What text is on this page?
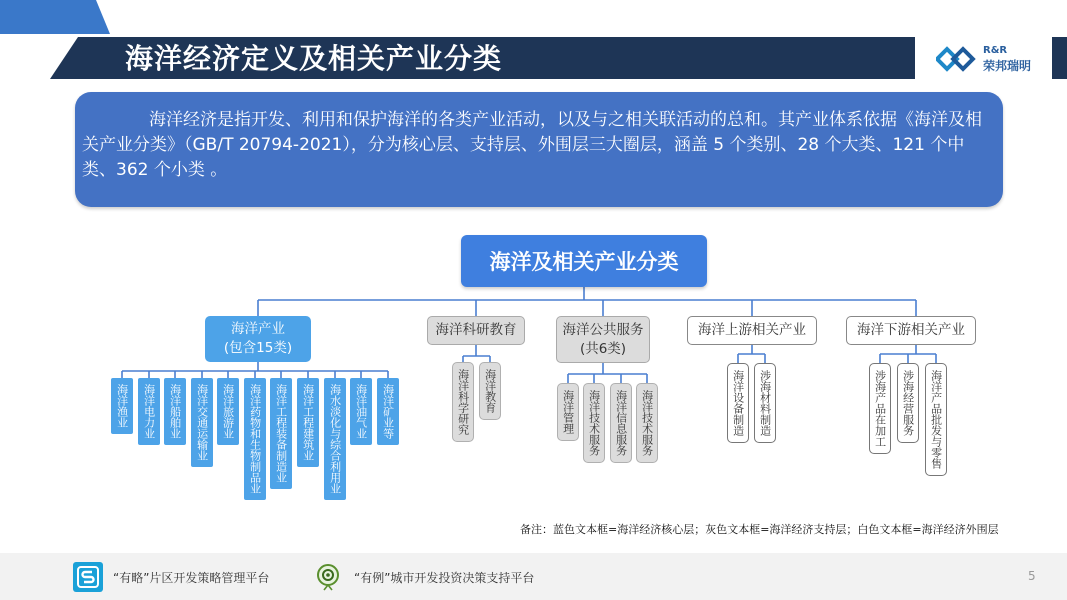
海洋经济定义及相关产业分类	R&R
荣邦瑞明
海洋经济是指开发、利用和保护海洋的各类产业活动，以及与之相关联活动的总和。其产业体系依据《海洋及相关产业分类》（GB/T 20794-2021），分为核心层、支持层、外围层三大圈层，涵盖 5 个类别、28 个大类、121 个中类、362 个小类 。
海洋及相关产业分类
海洋产业
(包含15类)
海洋科研教育	海洋公共服务
(共6类)
海洋上游相关产业	海洋下游相关产业
海洋渔业	海洋电力业	海洋船舶业	海洋交通运输业	海洋旅游业	海洋药物和生物制品业	海洋工程装备制造业	海洋工程建筑业	海水淡化与综合利用业	海洋油气业	海洋矿业等	海洋科学研究	海洋教育	海洋管理	海洋技术服务	海洋信息服务	海洋技术服务	海洋设备制造	涉海材料制造	涉海产品在加工	涉海经营服务	海洋产品批发与零售
备注：蓝色文本框=海洋经济核心层；灰色文本框=海洋经济支持层；白色文本框=海洋经济外围层
“有略”片区开发策略管理平台	“有例”城市开发投资决策支持平台	5
